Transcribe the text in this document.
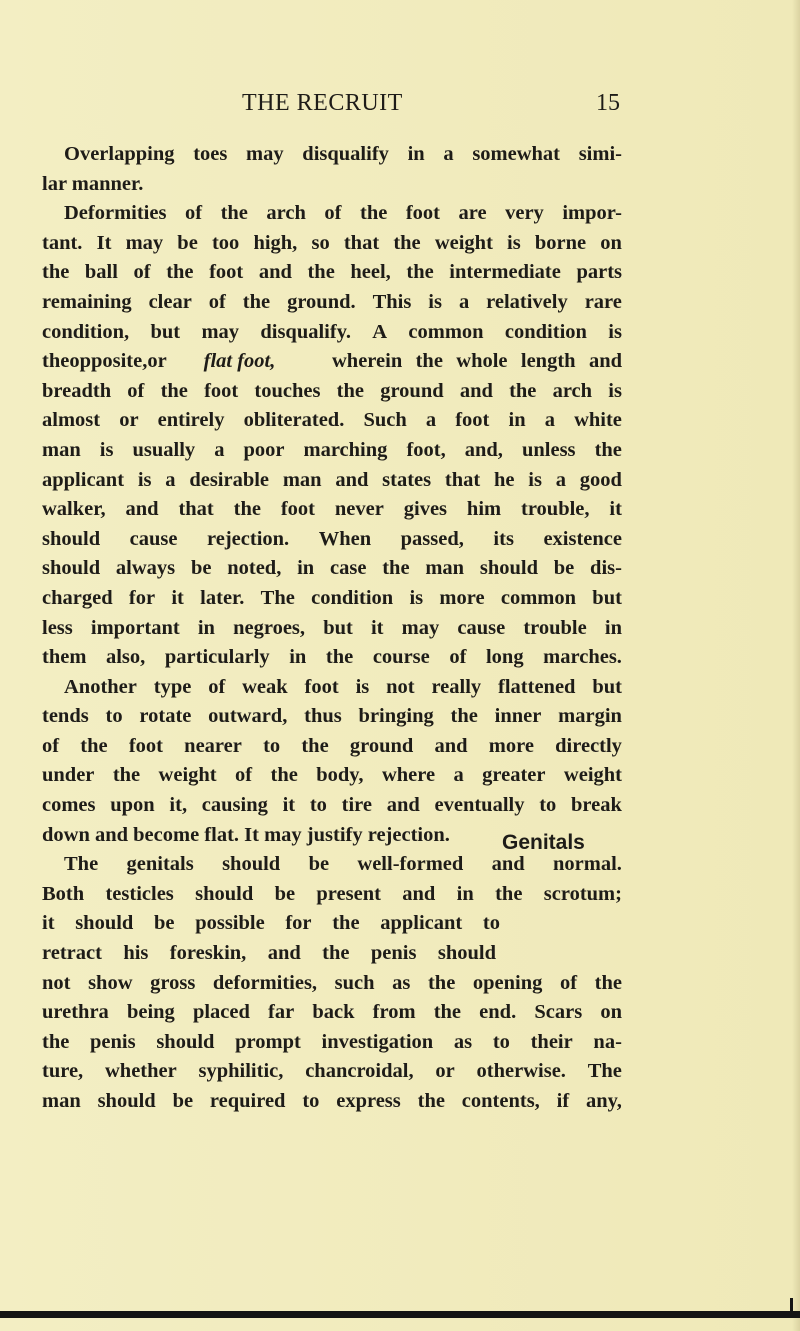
THE RECRUIT	15
Overlapping toes may disqualify in a somewhat simi-
lar manner.
Deformities of the arch of the foot are very impor-
tant. It may be too high, so that the weight is borne on
the ball of the foot and the heel, the intermediate parts
remaining clear of the ground. This is a relatively rare
condition, but may disqualify. A common condition is
the opposite, or flat foot,	wherein the whole length and
breadth of the foot touches the ground and the arch is
almost or entirely obliterated. Such a foot in a white
man is usually a poor marching foot, and, unless the
applicant is a desirable man and states that he is a good
walker, and that the foot never gives him trouble, it
should cause rejection. When passed, its existence
should always be noted, in case the man should be dis-
charged for it later. The condition is more common but
less important in negroes, but it may cause trouble in
them also, particularly in the course of long marches.
Another type of weak foot is not really flattened but
tends to rotate outward, thus bringing the inner margin
of the foot nearer to the ground and more directly
under the weight of the body, where a greater weight
comes upon it, causing it to tire and eventually to break
down and become flat. It may justify rejection.
The genitals should be well-formed and normal.
Both testicles should be present and in the scrotum;
it should be possible for the applicant to
retract his foreskin, and the penis should
not show gross deformities, such as the opening of the
urethra being placed far back from the end. Scars on
the penis should prompt investigation as to their na-
ture, whether syphilitic, chancroidal, or otherwise. The
man should be required to express the contents, if any,
Genitals
